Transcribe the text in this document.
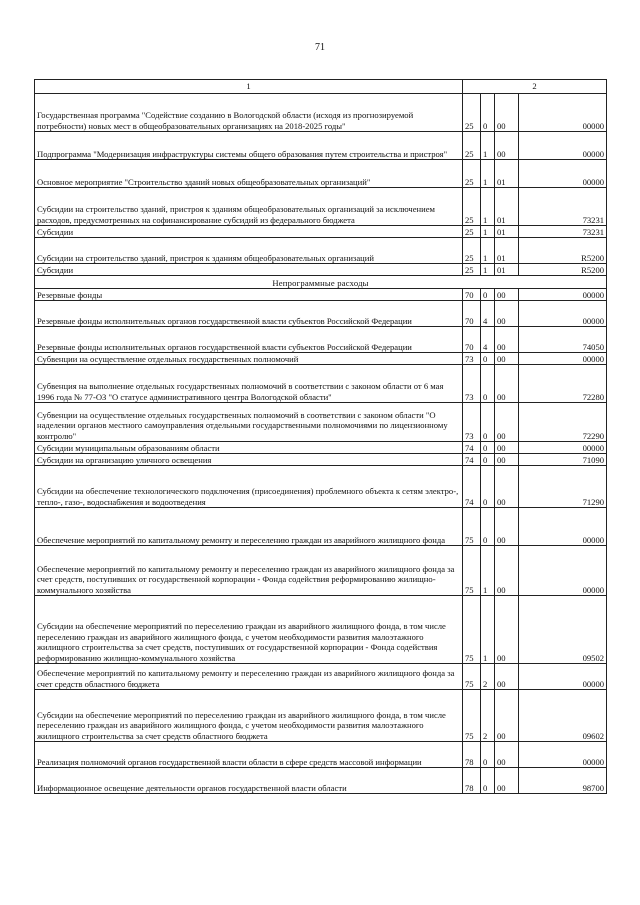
71
1	2			
Государственная программа "Содействие созданию в Вологодской области (исходя из прогнозируемой потребности) новых мест в общеобразовательных организациях на 2018-2025 годы"	25	0	00	00000
Подпрограмма "Модернизация инфраструктуры системы общего образования путем строительства и пристроя"	25	1	00	00000
Основное мероприятие "Строительство зданий новых общеобразовательных организаций"	25	1	01	00000
Субсидии на строительство зданий, пристроя к зданиям общеобразовательных организаций за исключением расходов, предусмотренных на софинансирование субсидий из федерального бюджета	25	1	01	73231
Субсидии	25	1	01	73231
Субсидии на строительство зданий, пристроя к зданиям общеобразовательных организаций	25	1	01	R5200
Субсидии	25	1	01	R5200
Непрограммные расходы				
Резервные фонды	70	0	00	00000
Резервные фонды исполнительных органов государственной власти субъектов Российской Федерации	70	4	00	00000
Резервные фонды исполнительных органов государственной власти субъектов Российской Федерации	70	4	00	74050
Субвенции на осуществление отдельных государственных полномочий	73	0	00	00000
Субвенция на выполнение отдельных государственных полномочий в соответствии с законом области от 6 мая 1996 года № 77-ОЗ "О статусе административного центра Вологодской области"	73	0	00	72280
Субвенции на осуществление отдельных государственных полномочий в соответствии с законом области "О наделении органов местного самоуправления отдельными государственными полномочиями по лицензионному контролю"	73	0	00	72290
Субсидии муниципальным образованиям области	74	0	00	00000
Субсидии на организацию уличного освещения	74	0	00	71090
Субсидии на обеспечение технологического подключения (присоединения) проблемного объекта к сетям электро-, тепло-, газо-, водоснабжения и водоотведения	74	0	00	71290
Обеспечение мероприятий по капитальному ремонту и переселению граждан из аварийного жилищного фонда	75	0	00	00000
Обеспечение мероприятий по капитальному ремонту и переселению граждан из аварийного жилищного фонда за счет средств, поступивших от государственной корпорации - Фонда содействия реформированию жилищно-коммунального хозяйства	75	1	00	00000
Субсидии на обеспечение мероприятий по переселению граждан из аварийного жилищного фонда, в том числе переселению граждан из аварийного жилищного фонда, с учетом необходимости развития малоэтажного жилищного строительства за счет средств, поступивших от государственной корпорации - Фонда содействия реформированию жилищно-коммунального хозяйства	75	1	00	09502
Обеспечение мероприятий по капитальному ремонту и переселению граждан из аварийного жилищного фонда за счет средств областного бюджета	75	2	00	00000
Субсидии на обеспечение мероприятий по переселению граждан из аварийного жилищного фонда, в том числе переселению граждан из аварийного жилищного фонда, с учетом необходимости развития малоэтажного жилищного строительства за счет средств областного бюджета	75	2	00	09602
Реализация полномочий органов государственной власти области в сфере средств массовой информации	78	0	00	00000
Информационное освещение деятельности органов государственной власти области	78	0	00	98700
